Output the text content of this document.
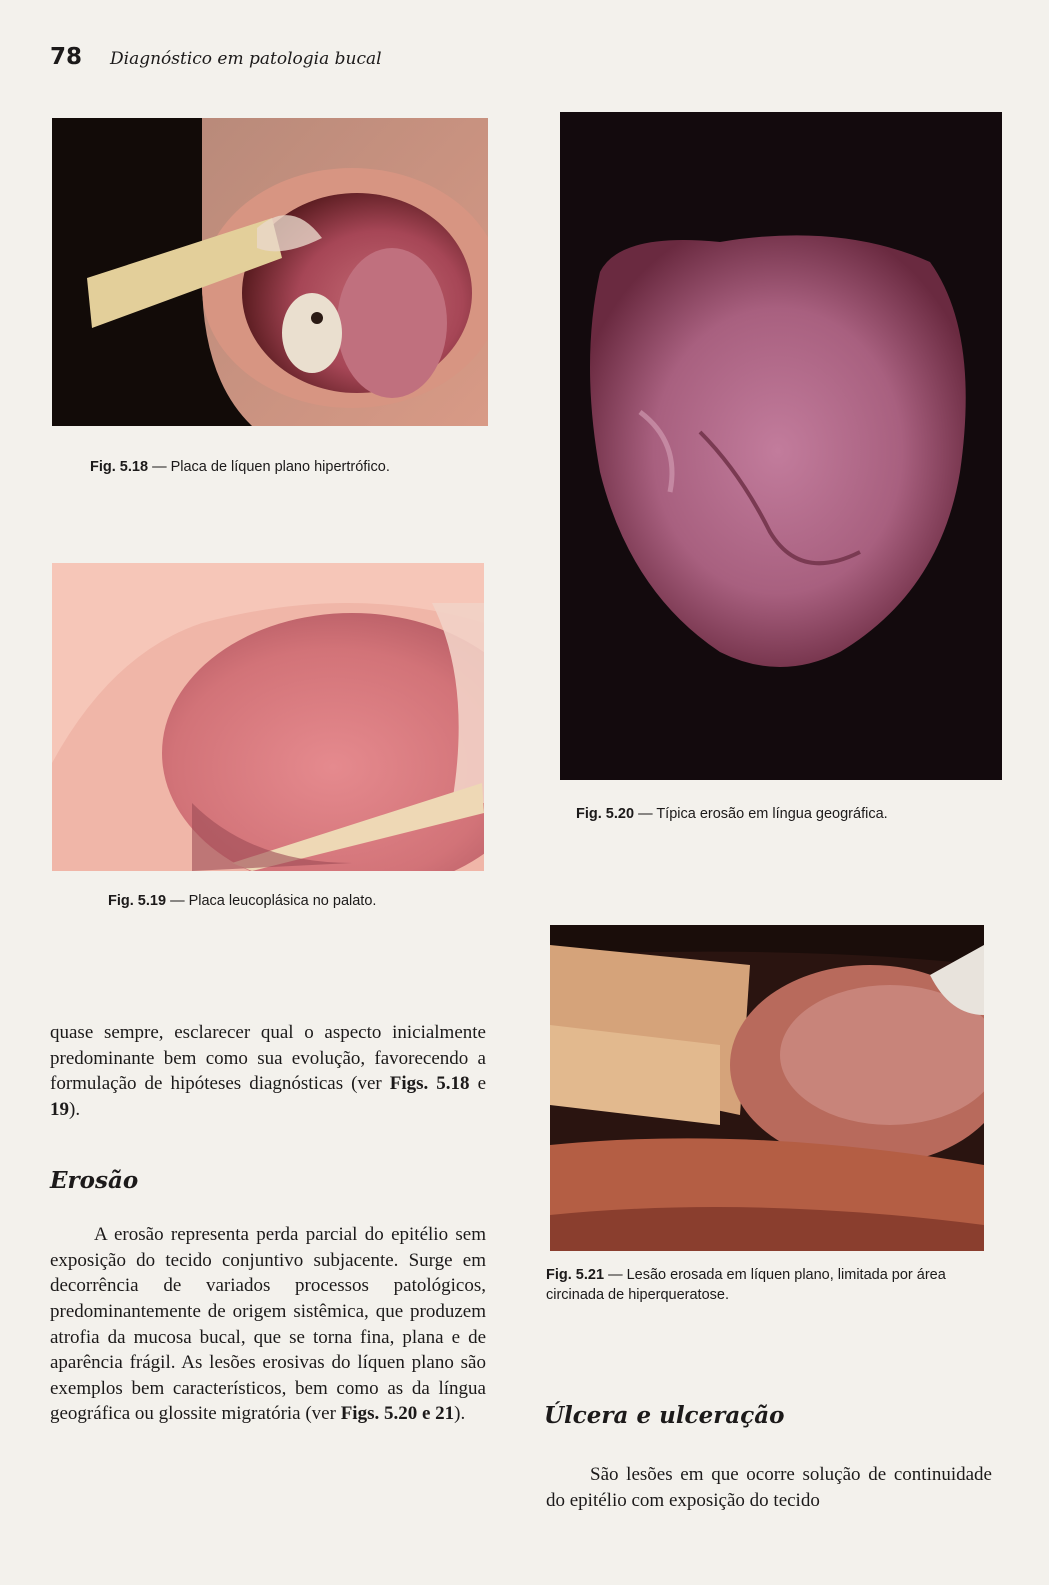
78 Diagnóstico em patologia bucal
Fig. 5.18 — Placa de líquen plano hipertrófico.
Fig. 5.19 — Placa leucoplásica no palato.
Fig. 5.20 — Típica erosão em língua geográfica.
Fig. 5.21 — Lesão erosada em líquen plano, limitada por área circinada de hiperqueratose.
quase sempre, esclarecer qual o aspecto inicialmente predominante bem como sua evolução, favorecendo a formulação de hipóteses diagnósticas (ver Figs. 5.18 e 19).
Erosão
A erosão representa perda parcial do epitélio sem exposição do tecido conjuntivo subjacente. Surge em decorrência de variados processos patológicos, predominantemente de origem sistêmica, que produzem atrofia da mucosa bucal, que se torna fina, plana e de aparência frágil. As lesões erosivas do líquen plano são exemplos bem característicos, bem como as da língua geográfica ou glossite migratória (ver Figs. 5.20 e 21).	Úlcera e ulceração
São lesões em que ocorre solução de continuidade do epitélio com exposição do tecido
